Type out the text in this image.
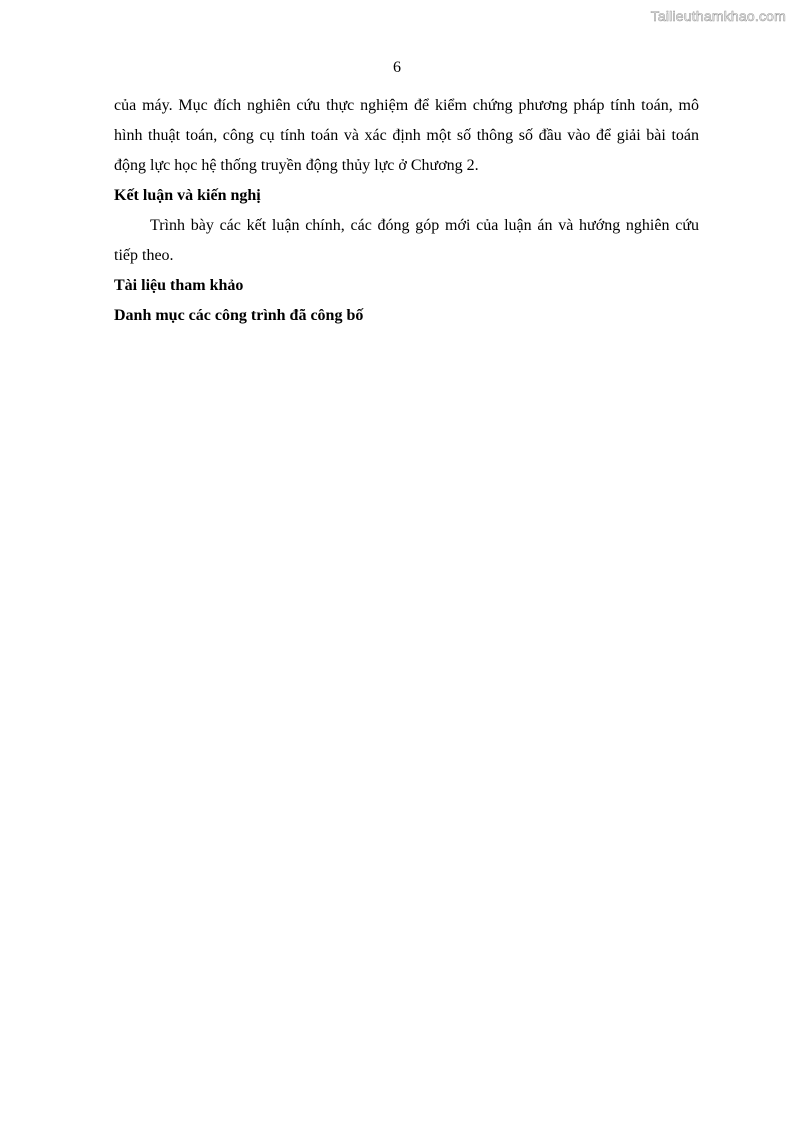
Tailieuthamkhao.com
6

của máy. Mục đích nghiên cứu thực nghiệm để kiểm chứng phương pháp tính toán, mô hình thuật toán, công cụ tính toán và xác định một số thông số đầu vào để giải bài toán động lực học hệ thống truyền động thủy lực ở Chương 2.

Kết luận và kiến nghị

Trình bày các kết luận chính, các đóng góp mới của luận án và hướng nghiên cứu tiếp theo.

Tài liệu tham khảo

Danh mục các công trình đã công bố
